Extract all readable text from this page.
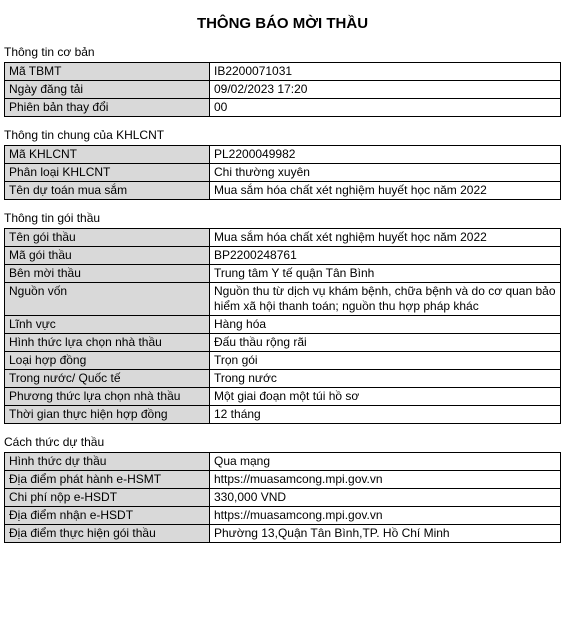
THÔNG BÁO MỜI THẦU
Thông tin cơ bản
Mã TBMT	IB2200071031
Ngày đăng tải	09/02/2023 17:20
Phiên bản thay đổi	00
Thông tin chung của KHLCNT
Mã KHLCNT	PL2200049982
Phân loại KHLCNT	Chi thường xuyên
Tên dự toán mua sắm	Mua sắm hóa chất xét nghiệm huyết học năm 2022
Thông tin gói thầu
Tên gói thầu	Mua sắm hóa chất xét nghiệm huyết học năm 2022
Mã gói thầu	BP2200248761
Bên mời thầu	Trung tâm Y tế quận Tân Bình
Nguồn vốn	Nguồn thu từ dịch vụ khám bệnh, chữa bệnh và do cơ quan bảo hiểm xã hội thanh toán; nguồn thu hợp pháp khác
Lĩnh vực	Hàng hóa
Hình thức lựa chọn nhà thầu	Đấu thầu rộng rãi
Loại hợp đồng	Trọn gói
Trong nước/ Quốc tế	Trong nước
Phương thức lựa chọn nhà thầu	Một giai đoạn một túi hồ sơ
Thời gian thực hiện hợp đồng	12 tháng
Cách thức dự thầu
Hình thức dự thầu	Qua mạng
Địa điểm phát hành e-HSMT	https://muasamcong.mpi.gov.vn
Chi phí nộp e-HSDT	330,000 VND
Địa điểm nhận e-HSDT	https://muasamcong.mpi.gov.vn
Địa điểm thực hiện gói thầu	Phường 13,Quận Tân Bình,TP. Hồ Chí Minh
